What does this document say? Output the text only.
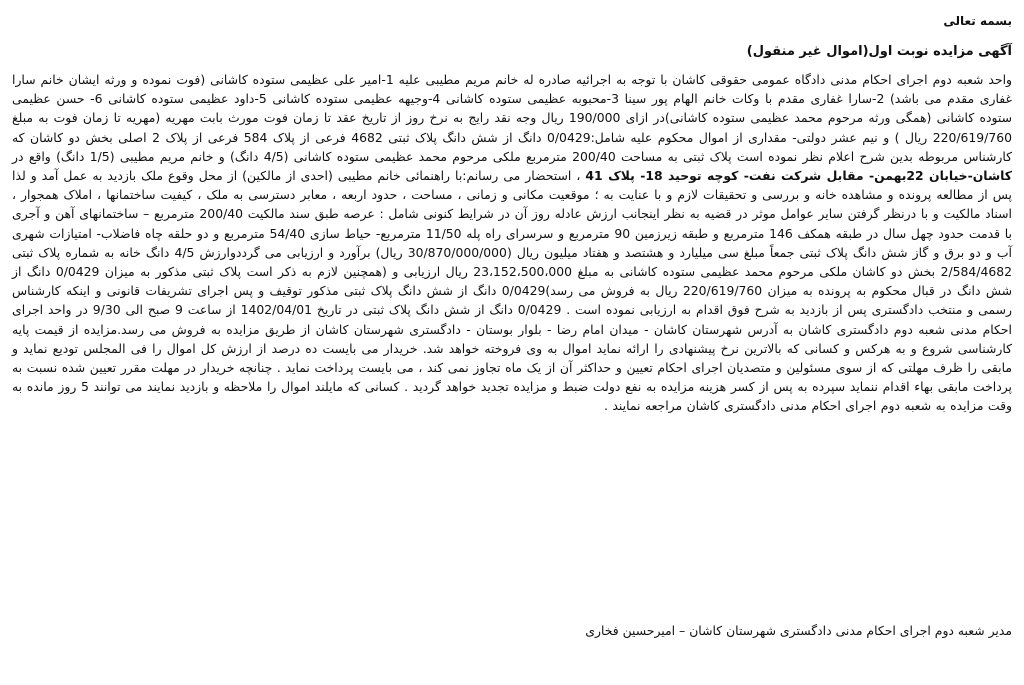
بسمه تعالی
آگهی مزایده نوبت اول(اموال غیر منقول)

واحد شعبه دوم اجرای احکام مدنی دادگاه عمومی حقوقی کاشان با توجه به اجرائیه صادره له خانم مریم مطیبی علیه 1-امیر علی عظیمی ستوده کاشانی (فوت نموده و ورثه ایشان خانم سارا غفاری مقدم می باشد) 2-سارا غفاری مقدم با وکات خانم الهام پور سینا 3-محبوبه عظیمی ستوده کاشانی 4-وجیهه عظیمی ستوده کاشانی 5-داود عظیمی ستوده کاشانی 6- حسن عظیمی ستوده کاشانی (همگی ورثه مرحوم محمد عظیمی ستوده کاشانی)در ازای 190/000 ریال وجه نقد رایج به نرخ روز از تاریخ عقد تا زمان فوت مورث بابت مهریه (مهریه تا زمان فوت به مبلغ 220/619/760 ریال ) و نیم عشر دولتی- مقداری از اموال محکوم علیه شامل:0/0429 دانگ از شش دانگ پلاک ثبتی 4682 فرعی از پلاک 584 فرعی از پلاک 2 اصلی بخش دو کاشان که کارشناس مربوطه بدین شرح اعلام نظر نموده است پلاک ثبتی به مساحت 200/40 مترمربع ملکی مرحوم محمد عظیمی ستوده کاشانی (4/5 دانگ) و خانم مریم مطیبی (1/5 دانگ) واقع در کاشان-خیابان 22بهمن- مقابل شرکت نفت- کوچه توحید 18- پلاک 41 ، استحضار می رسانم:با راهنمائی خانم مطیبی (احدی از مالکین) از محل وقوع ملک بازدید به عمل آمد و لذا پس از مطالعه پرونده و مشاهده خانه و بررسی و تحقیقات لازم و با عنایت به ؛ موقعیت مکانی و زمانی ، مساحت ، حدود اربعه ، معابر دسترسی به ملک ، کیفیت ساختمانها ، املاک همجوار ، اسناد مالکیت و با درنظر گرفتن سایر عوامل موثر در قضیه به نظر اینجانب ارزش عادله روز آن در شرایط کنونی شامل : عرصه طبق سند مالکیت 200/40 مترمربع – ساختمانهای آهن و آجری با قدمت حدود چهل سال در طبقه همکف 146 مترمربع و طبقه زیرزمین 90 مترمربع و سرسرای راه پله 11/50 مترمربع- حیاط سازی 54/40 مترمربع و دو حلقه چاه فاضلاب- امتیازات شهری آب و دو برق و گاز شش دانگ پلاک ثبتی جمعاً مبلغ سی میلیارد و هشتصد و هفتاد میلیون ریال (30/870/000/000 ریال) برآورد و ارزیابی می گرددوارزش 4/5 دانگ خانه به شماره پلاک ثبتی 2/584/4682 بخش دو کاشان ملکی مرحوم محمد عظیمی ستوده کاشانی به مبلغ 23،152،500،000 ریال ارزیابی و (همچنین لازم به ذکر است پلاک ثبتی مذکور به میزان 0/0429 دانگ از شش دانگ در قبال محکوم به پرونده به میزان 220/619/760 ریال به فروش می رسد)0/0429 دانگ از شش دانگ پلاک ثبتی مذکور توقیف و پس اجرای تشریفات قانونی و اینکه کارشناس رسمی و منتخب دادگستری پس از بازدید به شرح فوق اقدام به ارزیابی نموده است . 0/0429 دانگ از شش دانگ پلاک ثبتی در تاریخ 1402/04/01 از ساعت 9 صبح الی 9/30 در واحد اجرای احکام مدنی شعبه دوم دادگستری کاشان به آدرس شهرستان کاشان - میدان امام رضا - بلوار بوستان - دادگستری شهرستان کاشان از طریق مزایده به فروش می رسد.مزایده از قیمت پایه کارشناسی شروع و به هرکس و کسانی که بالاترین نرخ پیشنهادی را ارائه نماید اموال به وی فروخته خواهد شد. خریدار می بایست ده درصد از ارزش کل اموال را فی المجلس تودیع نماید و مابقی را ظرف مهلتی که از سوی مسئولین و متصدیان اجرای احکام تعیین و حداکثر آن از یک ماه تجاوز نمی کند ، می بایست پرداخت نماید . چنانچه خریدار در مهلت مقرر تعیین شده نسبت به پرداخت مابقی بهاء اقدام ننماید سپرده به پس از کسر هزینه مزایده به نفع دولت ضبط و مزایده تجدید خواهد گردید . کسانی که مایلند اموال را ملاحظه و بازدید نمایند می توانند 5 روز مانده به وقت مزایده به شعبه دوم اجرای احکام مدنی دادگستری کاشان مراجعه نمایند .

مدیر شعبه دوم اجرای احکام مدنی دادگستری شهرستان کاشان – امیرحسین فخاری
